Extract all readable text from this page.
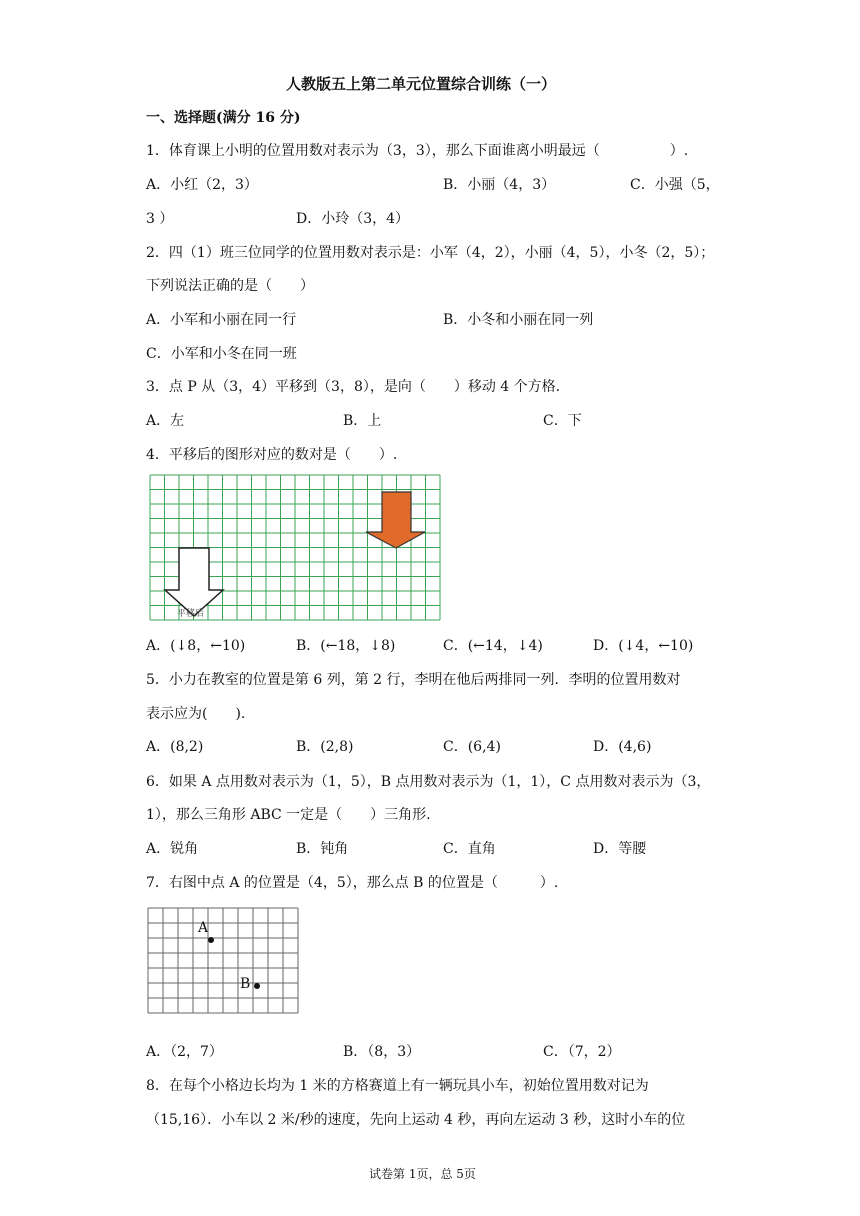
人教版五上第二单元位置综合训练（一）
一、选择题(满分 16 分)
1．体育课上小明的位置用数对表示为（3，3），那么下面谁离小明最远（　　　　　）.
A．小红（2，3）	B．小丽（4，3）	C．小强（5，
3 ）	D．小玲（3，4）
2．四（1）班三位同学的位置用数对表示是：小军（4，2），小丽（4，5），小冬（2，5）；
下列说法正确的是（　　）
A．小军和小丽在同一行	B．小冬和小丽在同一列
C．小军和小冬在同一班
3．点 P 从（3，4）平移到（3，8），是向（　　）移动 4 个方格.
A．左	B．上	C．下
4．平移后的图形对应的数对是（　　）.
平移后
A．(↓8，←10)	B．(←18，↓8)	C．(←14，↓4)	D．(↓4，←10)
5．小力在教室的位置是第 6 列，第 2 行，李明在他后两排同一列．李明的位置用数对
表示应为(　　).
A．(8,2)	B．(2,8)	C．(6,4)	D．(4,6)
6．如果 A 点用数对表示为（1，5），B 点用数对表示为（1，1），C 点用数对表示为（3，
1），那么三角形 ABC 一定是（　　）三角形.
A．锐角	B．钝角	C．直角	D．等腰
7．右图中点 A 的位置是（4，5），那么点 B 的位置是（　　　）.
A
B
A．（2，7）	B．（8，3）	C．（7，2）
8．在每个小格边长均为 1 米的方格赛道上有一辆玩具小车，初始位置用数对记为
（15,16）．小车以 2 米/秒的速度，先向上运动 4 秒，再向左运动 3 秒，这时小车的位
试卷第 1页，总 5页
